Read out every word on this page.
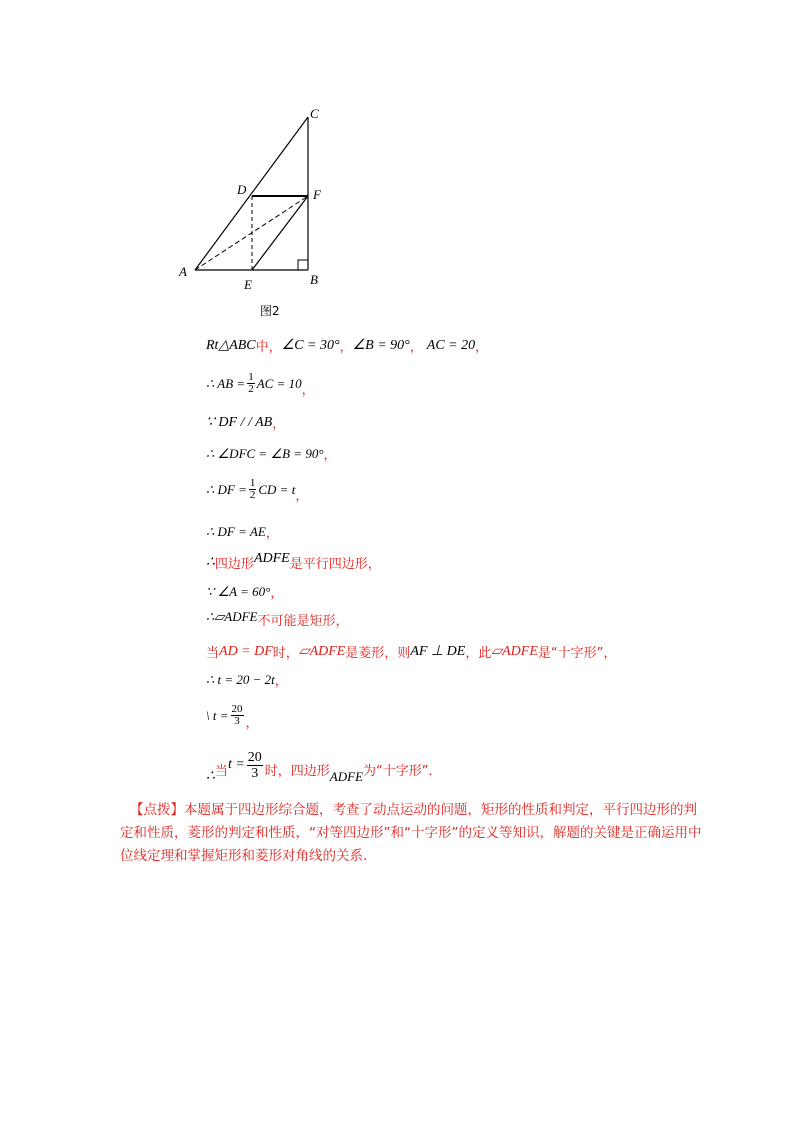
C
D	F
A
E	B
图2
Rt△ABC 中， ∠C = 30° ， ∠B = 90° ， AC = 20 ，
∴ AB = $\frac{1}{2}$ AC = 10 ，
∵ DF / / AB ，
∴ ∠DFC = ∠B = 90° ，
∴ DF = $\frac{1}{2}$ CD = t ，
∴ DF = AE ，
∴ 四边形 ADFE 是平行四边形，
∵ ∠A = 60° ，
∴▱ADFE 不可能是矩形，
当 AD = DF 时， ▱ADFE 是菱形，则 AF ⊥ DE ，此 ▱ADFE 是“十字形”，
∴ t = 20 − 2t ，
\ $t = \frac{20}{3}$ ，
∴ 当 $t = \frac{20}{3}$ 时，四边形 ADFE 为“十字形”．
【点拨】本题属于四边形综合题，考查了动点运动的问题，矩形的性质和判定，平行四边形的判定和性质，菱形的判定和性质，“对等四边形”和“十字形”的定义等知识，解题的关键是正确运用中位线定理和掌握矩形和菱形对角线的关系．
